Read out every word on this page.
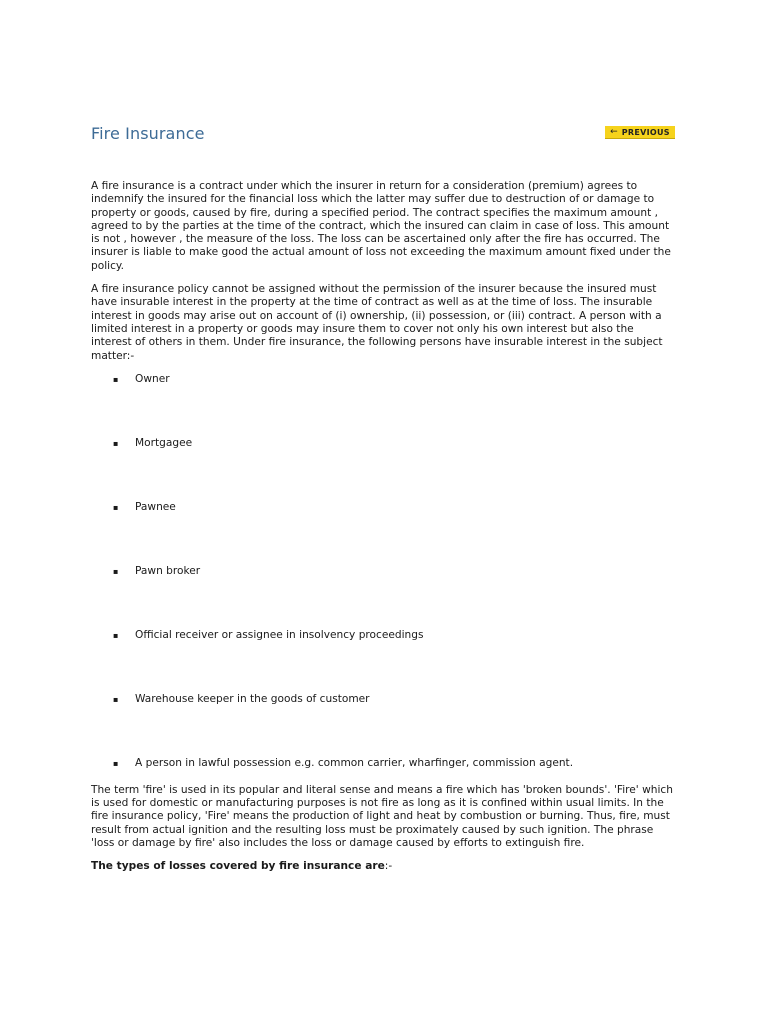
Fire Insurance	← PREVIOUS

A fire insurance is a contract under which the insurer in return for a consideration (premium) agrees to indemnify the insured for the financial loss which the latter may suffer due to destruction of or damage to property or goods, caused by fire, during a specified period. The contract specifies the maximum amount , agreed to by the parties at the time of the contract, which the insured can claim in case of loss. This amount is not , however , the measure of the loss. The loss can be ascertained only after the fire has occurred. The insurer is liable to make good the actual amount of loss not exceeding the maximum amount fixed under the policy.

A fire insurance policy cannot be assigned without the permission of the insurer because the insured must have insurable interest in the property at the time of contract as well as at the time of loss. The insurable interest in goods may arise out on account of (i) ownership, (ii) possession, or (iii) contract. A person with a limited interest in a property or goods may insure them to cover not only his own interest but also the interest of others in them. Under fire insurance, the following persons have insurable interest in the subject matter:-

▪ Owner
▪ Mortgagee
▪ Pawnee
▪ Pawn broker
▪ Official receiver or assignee in insolvency proceedings
▪ Warehouse keeper in the goods of customer
▪ A person in lawful possession e.g. common carrier, wharfinger, commission agent.

The term 'fire' is used in its popular and literal sense and means a fire which has 'broken bounds'. 'Fire' which is used for domestic or manufacturing purposes is not fire as long as it is confined within usual limits. In the fire insurance policy, 'Fire' means the production of light and heat by combustion or burning. Thus, fire, must result from actual ignition and the resulting loss must be proximately caused by such ignition. The phrase 'loss or damage by fire' also includes the loss or damage caused by efforts to extinguish fire.

The types of losses covered by fire insurance are:-
